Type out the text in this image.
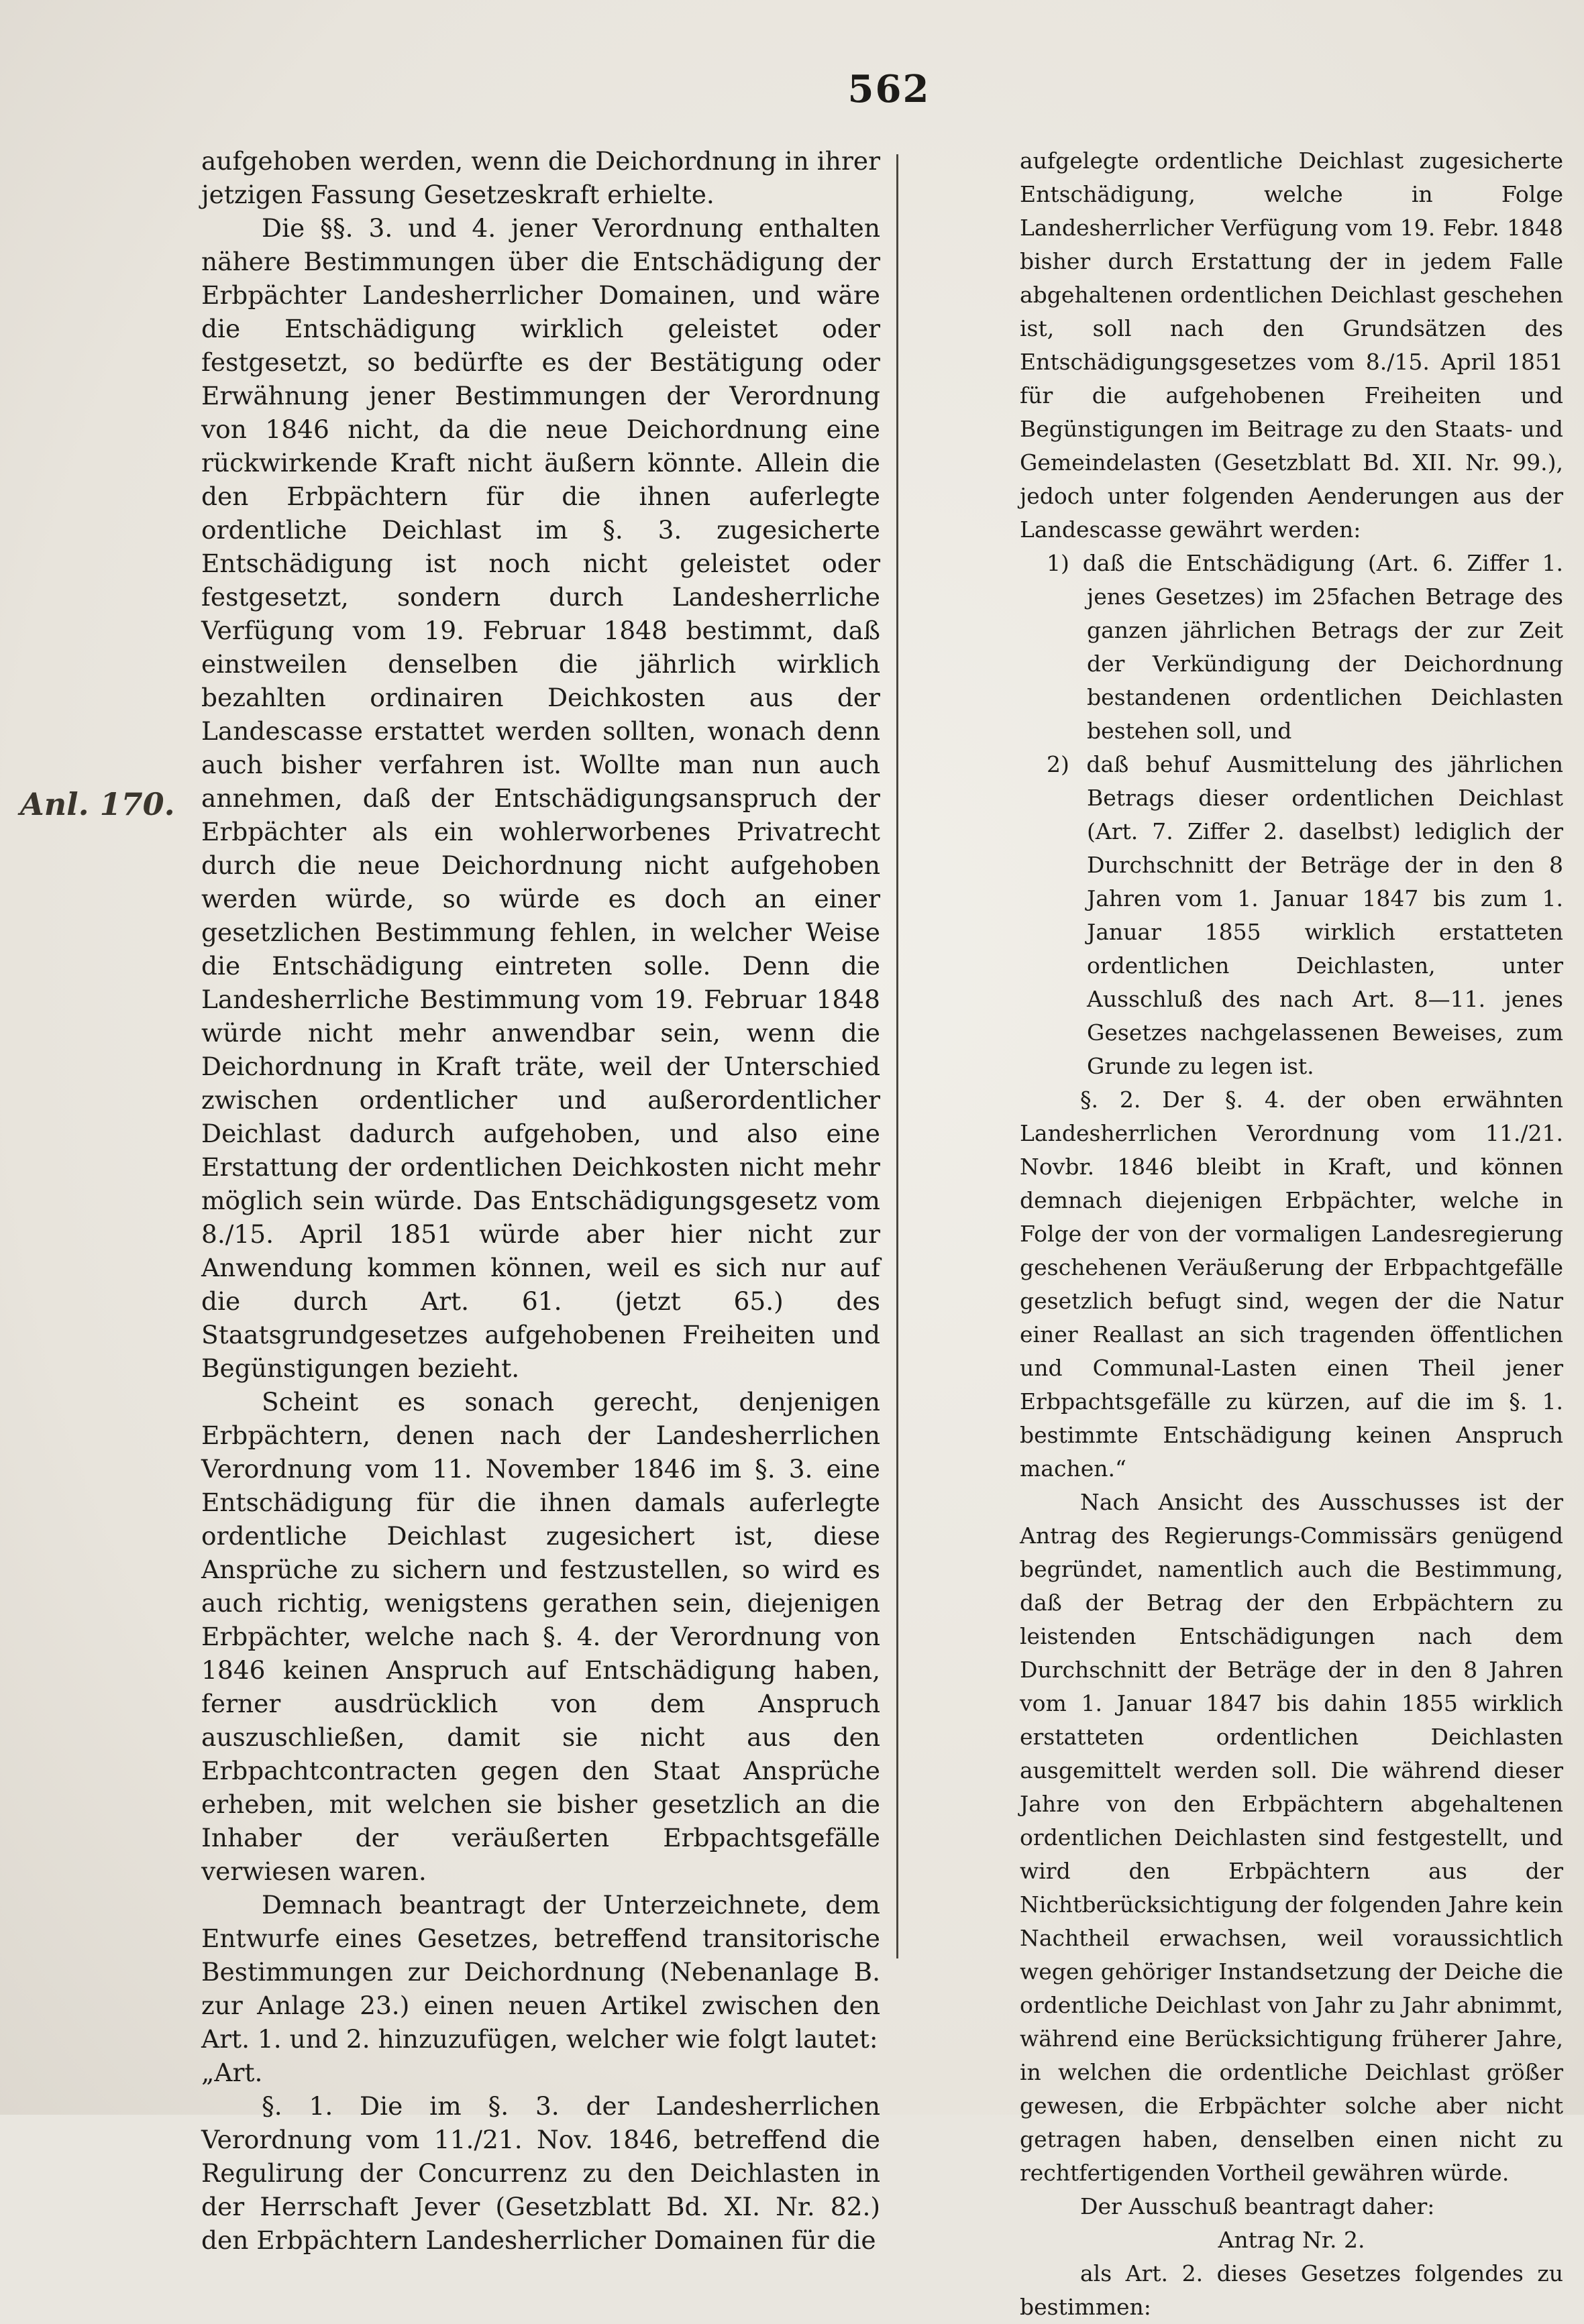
562
Anl. 170.

aufgehoben werden, wenn die Deichordnung in ihrer jetzigen Fassung Gesetzeskraft erhielte.

Die §§. 3. und 4. jener Verordnung enthalten nähere Bestimmungen über die Entschädigung der Erbpächter Landesherrlicher Domainen, und wäre die Entschädigung wirklich geleistet oder festgesetzt, so bedürfte es der Bestätigung oder Erwähnung jener Bestimmungen der Verordnung von 1846 nicht, da die neue Deichordnung eine rückwirkende Kraft nicht äußern könnte. Allein die den Erbpächtern für die ihnen auferlegte ordentliche Deichlast im §. 3. zugesicherte Entschädigung ist noch nicht geleistet oder festgesetzt, sondern durch Landesherrliche Verfügung vom 19. Februar 1848 bestimmt, daß einstweilen denselben die jährlich wirklich bezahlten ordinairen Deichkosten aus der Landescasse erstattet werden sollten, wonach denn auch bisher verfahren ist. Wollte man nun auch annehmen, daß der Entschädigungsanspruch der Erbpächter als ein wohlerworbenes Privatrecht durch die neue Deichordnung nicht aufgehoben werden würde, so würde es doch an einer gesetzlichen Bestimmung fehlen, in welcher Weise die Entschädigung eintreten solle. Denn die Landesherrliche Bestimmung vom 19. Februar 1848 würde nicht mehr anwendbar sein, wenn die Deichordnung in Kraft träte, weil der Unterschied zwischen ordentlicher und außerordentlicher Deichlast dadurch aufgehoben, und also eine Erstattung der ordentlichen Deichkosten nicht mehr möglich sein würde. Das Entschädigungsgesetz vom 8./15. April 1851 würde aber hier nicht zur Anwendung kommen können, weil es sich nur auf die durch Art. 61. (jetzt 65.) des Staatsgrundgesetzes aufgehobenen Freiheiten und Begünstigungen bezieht.

Scheint es sonach gerecht, denjenigen Erbpächtern, denen nach der Landesherrlichen Verordnung vom 11. November 1846 im §. 3. eine Entschädigung für die ihnen damals auferlegte ordentliche Deichlast zugesichert ist, diese Ansprüche zu sichern und festzustellen, so wird es auch richtig, wenigstens gerathen sein, diejenigen Erbpächter, welche nach §. 4. der Verordnung von 1846 keinen Anspruch auf Entschädigung haben, ferner ausdrücklich von dem Anspruch auszuschließen, damit sie nicht aus den Erbpachtcontracten gegen den Staat Ansprüche erheben, mit welchen sie bisher gesetzlich an die Inhaber der veräußerten Erbpachtsgefälle verwiesen waren.

Demnach beantragt der Unterzeichnete, dem Entwurfe eines Gesetzes, betreffend transitorische Bestimmungen zur Deichordnung (Nebenanlage B. zur Anlage 23.) einen neuen Artikel zwischen den Art. 1. und 2. hinzuzufügen, welcher wie folgt lautet:

„Art.

§. 1. Die im §. 3. der Landesherrlichen Verordnung vom 11./21. Nov. 1846, betreffend die Regulirung der Concurrenz zu den Deichlasten in der Herrschaft Jever (Gesetzblatt Bd. XI. Nr. 82.) den Erbpächtern Landesherrlicher Domainen für die

aufgelegte ordentliche Deichlast zugesicherte Entschädigung, welche in Folge Landesherrlicher Verfügung vom 19. Febr. 1848 bisher durch Erstattung der in jedem Falle abgehaltenen ordentlichen Deichlast geschehen ist, soll nach den Grundsätzen des Entschädigungsgesetzes vom 8./15. April 1851 für die aufgehobenen Freiheiten und Begünstigungen im Beitrage zu den Staats- und Gemeindelasten (Gesetzblatt Bd. XII. Nr. 99.), jedoch unter folgenden Aenderungen aus der Landescasse gewährt werden:

1) daß die Entschädigung (Art. 6. Ziffer 1. jenes Gesetzes) im 25fachen Betrage des ganzen jährlichen Betrags der zur Zeit der Verkündigung der Deichordnung bestandenen ordentlichen Deichlasten bestehen soll, und

2) daß behuf Ausmittelung des jährlichen Betrags dieser ordentlichen Deichlast (Art. 7. Ziffer 2. daselbst) lediglich der Durchschnitt der Beträge der in den 8 Jahren vom 1. Januar 1847 bis zum 1. Januar 1855 wirklich erstatteten ordentlichen Deichlasten, unter Ausschluß des nach Art. 8—11. jenes Gesetzes nachgelassenen Beweises, zum Grunde zu legen ist.

§. 2. Der §. 4. der oben erwähnten Landesherrlichen Verordnung vom 11./21. Novbr. 1846 bleibt in Kraft, und können demnach diejenigen Erbpächter, welche in Folge der von der vormaligen Landesregierung geschehenen Veräußerung der Erbpachtgefälle gesetzlich befugt sind, wegen der die Natur einer Reallast an sich tragenden öffentlichen und Communal-Lasten einen Theil jener Erbpachtsgefälle zu kürzen, auf die im §. 1. bestimmte Entschädigung keinen Anspruch machen.“

Nach Ansicht des Ausschusses ist der Antrag des Regierungs-Commissärs genügend begründet, namentlich auch die Bestimmung, daß der Betrag der den Erbpächtern zu leistenden Entschädigungen nach dem Durchschnitt der Beträge der in den 8 Jahren vom 1. Januar 1847 bis dahin 1855 wirklich erstatteten ordentlichen Deichlasten ausgemittelt werden soll. Die während dieser Jahre von den Erbpächtern abgehaltenen ordentlichen Deichlasten sind festgestellt, und wird den Erbpächtern aus der Nichtberücksichtigung der folgenden Jahre kein Nachtheil erwachsen, weil voraussichtlich wegen gehöriger Instandsetzung der Deiche die ordentliche Deichlast von Jahr zu Jahr abnimmt, während eine Berücksichtigung früherer Jahre, in welchen die ordentliche Deichlast größer gewesen, die Erbpächter solche aber nicht getragen haben, denselben einen nicht zu rechtfertigenden Vortheil gewähren würde.

Der Ausschuß beantragt daher:

Antrag Nr. 2.

als Art. 2. dieses Gesetzes folgendes zu bestimmen:
